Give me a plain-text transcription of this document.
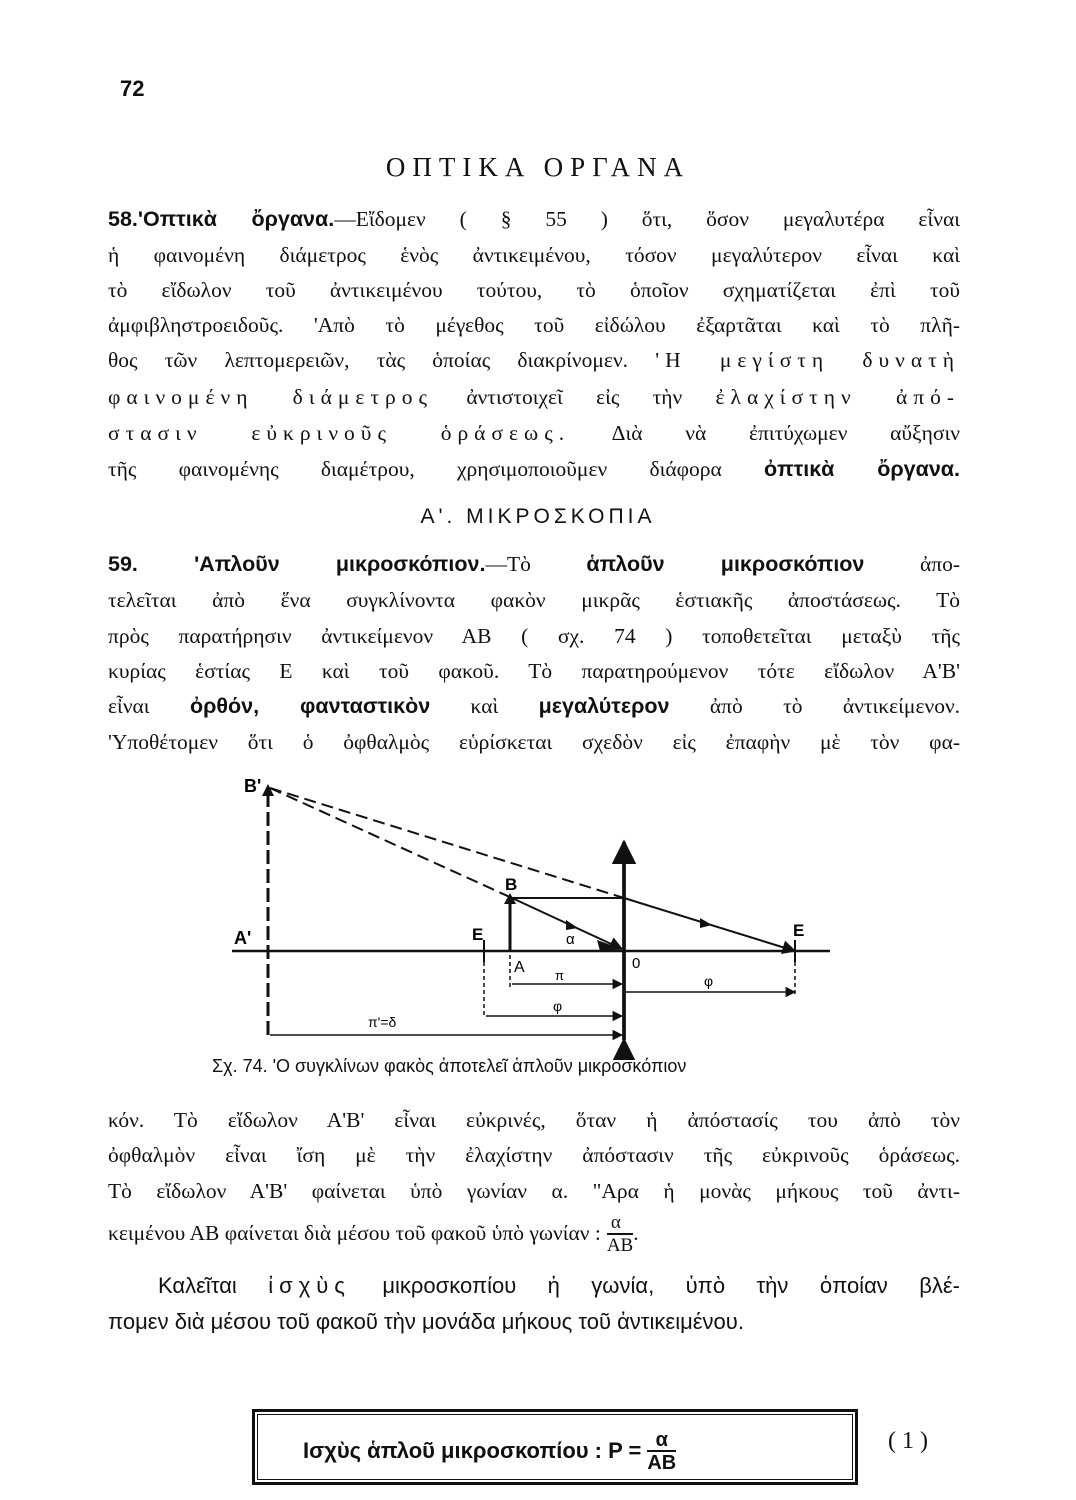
72
ΟΠΤΙΚΑ ΟΡΓΑΝΑ
58.'Οπτικὰ ὄργανα.—Εἴδομεν ( § 55 ) ὅτι, ὅσον μεγαλυτέρα εἶναι
ἡ φαινομένη διάμετρος ἑνὸς ἀντικειμένου, τόσον μεγαλύτερον εἶναι καὶ
τὸ εἴδωλον τοῦ ἀντικειμένου τούτου, τὸ ὁποῖον σχηματίζεται ἐπὶ τοῦ
ἀμφιβληστροειδοῦς. 'Απὸ τὸ μέγεθος τοῦ εἰδώλου ἐξαρτᾶται καὶ τὸ πλῆ-
θος τῶν λεπτομερειῶν, τὰς ὁποίας διακρίνομεν. 'Η μεγίστη δυνατὴ
φαινομένη διάμετρος ἀντιστοιχεῖ εἰς τὴν ἐλαχίστην ἀπό-
στασιν εὐκρινοῦς ὁράσεως. Διὰ νὰ ἐπιτύχωμεν αὔξησιν
τῆς φαινομένης διαμέτρου, χρησιμοποιοῦμεν διάφορα ὀπτικὰ ὄργανα.
Α'. ΜΙΚΡΟΣΚΟΠΙΑ
59. 'Απλοῦν μικροσκόπιον.—Τὸ	ἁπλοῦν μικροσκόπιον	ἀπο-
τελεῖται ἀπὸ ἕνα συγκλίνοντα φακὸν μικρᾶς ἑστιακῆς ἀποστάσεως. Τὸ
πρὸς παρατήρησιν ἀντικείμενον ΑΒ ( σχ. 74 ) τοποθετεῖται μεταξὺ τῆς
κυρίας ἑστίας Ε καὶ τοῦ φακοῦ. Τὸ παρατηρούμενον τότε εἴδωλον Α'Β'
εἶναι ὀρθόν, φανταστικὸν καὶ μεγαλύτερον ἀπὸ τὸ ἀντικείμενον.
'Υποθέτομεν ὅτι ὁ ὀφθαλμὸς εὑρίσκεται σχεδὸν εἰς ἐπαφὴν μὲ τὸν φα-
Β'
Α'
Β
Α
Ε	Ε
0
α
π
φ
φ
π'=δ
Σχ. 74. 'Ο συγκλίνων φακὸς ἀποτελεῖ ἁπλοῦν μικροσκόπιον
κόν. Τὸ εἴδωλον Α'Β' εἶναι εὐκρινές, ὅταν ἡ ἀπόστασίς του ἀπὸ τὸν
ὀφθαλμὸν εἶναι ἴση μὲ τὴν ἐλαχίστην ἀπόστασιν τῆς εὐκρινοῦς ὁράσεως.
Τὸ εἴδωλον Α'Β' φαίνεται ὑπὸ γωνίαν α. "Αρα ἡ μονὰς μήκους τοῦ ἀντι-
κειμένου ΑΒ φαίνεται διὰ μέσου τοῦ φακοῦ ὑπὸ γωνίαν : $\frac{\alpha}{AB}$ .
Καλεῖται ἰσχὺς μικροσκοπίου ἡ γωνία, ὑπὸ τὴν ὁποίαν βλέ-
πομεν διὰ μέσου τοῦ φακοῦ τὴν μονάδα μήκους τοῦ ἀντικειμένου.
Ισχὺς ἁπλοῦ μικροσκοπίου : $P = \frac{\alpha}{AB}$	( 1 )
